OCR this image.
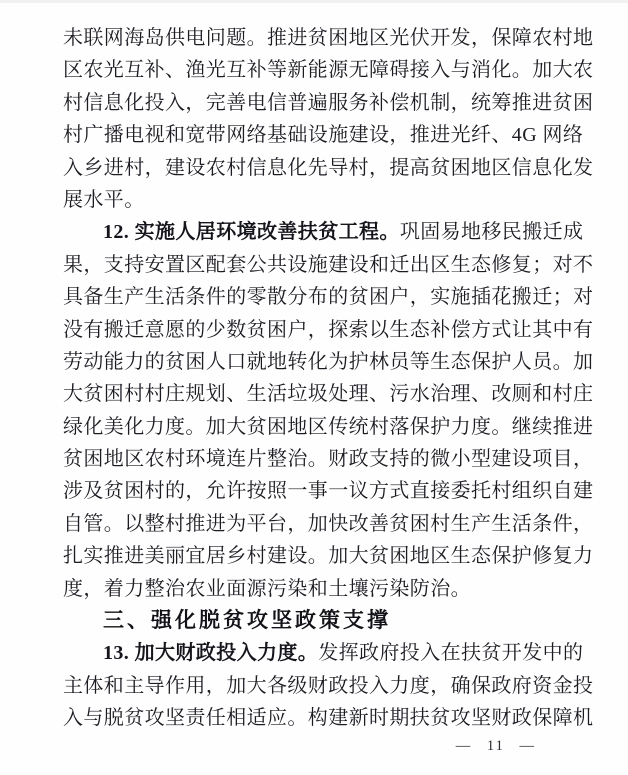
未联网海岛供电问题。推进贫困地区光伏开发，保障农村地
区农光互补、渔光互补等新能源无障碍接入与消化。加大农
村信息化投入，完善电信普遍服务补偿机制，统筹推进贫困
村广播电视和宽带网络基础设施建设，推进光纤、4G 网络
入乡进村，建设农村信息化先导村，提高贫困地区信息化发
展水平。
12. 实施人居环境改善扶贫工程。巩固易地移民搬迁成
果，支持安置区配套公共设施建设和迁出区生态修复；对不
具备生产生活条件的零散分布的贫困户，实施插花搬迁；对
没有搬迁意愿的少数贫困户，探索以生态补偿方式让其中有
劳动能力的贫困人口就地转化为护林员等生态保护人员。加
大贫困村村庄规划、生活垃圾处理、污水治理、改厕和村庄
绿化美化力度。加大贫困地区传统村落保护力度。继续推进
贫困地区农村环境连片整治。财政支持的微小型建设项目，
涉及贫困村的，允许按照一事一议方式直接委托村组织自建
自管。以整村推进为平台，加快改善贫困村生产生活条件，
扎实推进美丽宜居乡村建设。加大贫困地区生态保护修复力
度，着力整治农业面源污染和土壤污染防治。
三、强化脱贫攻坚政策支撑
13. 加大财政投入力度。发挥政府投入在扶贫开发中的
主体和主导作用，加大各级财政投入力度，确保政府资金投
入与脱贫攻坚责任相适应。构建新时期扶贫攻坚财政保障机
— 11 —
